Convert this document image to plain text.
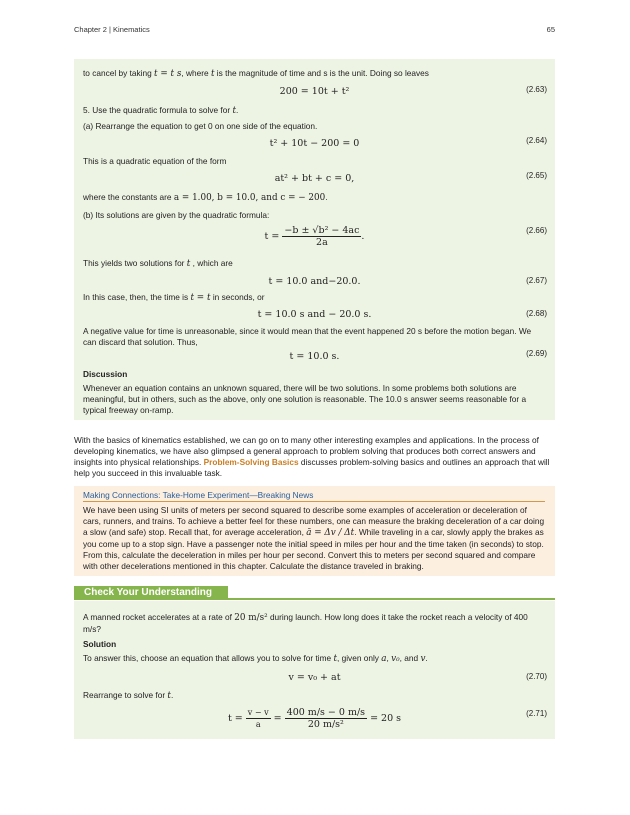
Chapter 2 | Kinematics	65
to cancel by taking t = t s, where t is the magnitude of time and s is the unit. Doing so leaves
200 = 10t + t²	(2.63)
5. Use the quadratic formula to solve for t.
(a) Rearrange the equation to get 0 on one side of the equation.
t² + 10t − 200 = 0	(2.64)
This is a quadratic equation of the form
at² + bt + c = 0,	(2.65)
where the constants are a = 1.00, b = 10.0, and c = − 200.
(b) Its solutions are given by the quadratic formula:
$t = \frac{\text{−b ± √b² − 4ac}}{2a}$ .
(2.66)
This yields two solutions for t , which are
t = 10.0 and−20.0.	(2.67)
In this case, then, the time is t = t in seconds, or
t = 10.0 s and − 20.0 s.	(2.68)
A negative value for time is unreasonable, since it would mean that the event happened 20 s before the motion began. We can discard that solution. Thus,
t = 10.0 s.	(2.69)
Discussion
Whenever an equation contains an unknown squared, there will be two solutions. In some problems both solutions are meaningful, but in others, such as the above, only one solution is reasonable. The 10.0 s answer seems reasonable for a typical freeway on-ramp.
With the basics of kinematics established, we can go on to many other interesting examples and applications. In the process of developing kinematics, we have also glimpsed a general approach to problem solving that produces both correct answers and insights into physical relationships. Problem-Solving Basics discusses problem-solving basics and outlines an approach that will help you succeed in this invaluable task.
Making Connections: Take-Home Experiment—Breaking News
We have been using SI units of meters per second squared to describe some examples of acceleration or deceleration of cars, runners, and trains. To achieve a better feel for these numbers, one can measure the braking deceleration of a car doing a slow (and safe) stop. Recall that, for average acceleration, ā = Δv / Δt. While traveling in a car, slowly apply the brakes as you come up to a stop sign. Have a passenger note the initial speed in miles per hour and the time taken (in seconds) to stop. From this, calculate the deceleration in miles per hour per second. Convert this to meters per second squared and compare with other decelerations mentioned in this chapter. Calculate the distance traveled in braking.
Check Your Understanding
A manned rocket accelerates at a rate of 20 m/s² during launch. How long does it take the rocket reach a velocity of 400 m/s?
Solution
To answer this, choose an equation that allows you to solve for time t, given only a, v₀, and v.
v = v₀ + at	(2.70)
Rearrange to solve for t.
$t = \frac{v - v}{a} = \frac{400 m/s - 0 m/s}{\text{20 m/s²}} = 20$ s	(2.71)
